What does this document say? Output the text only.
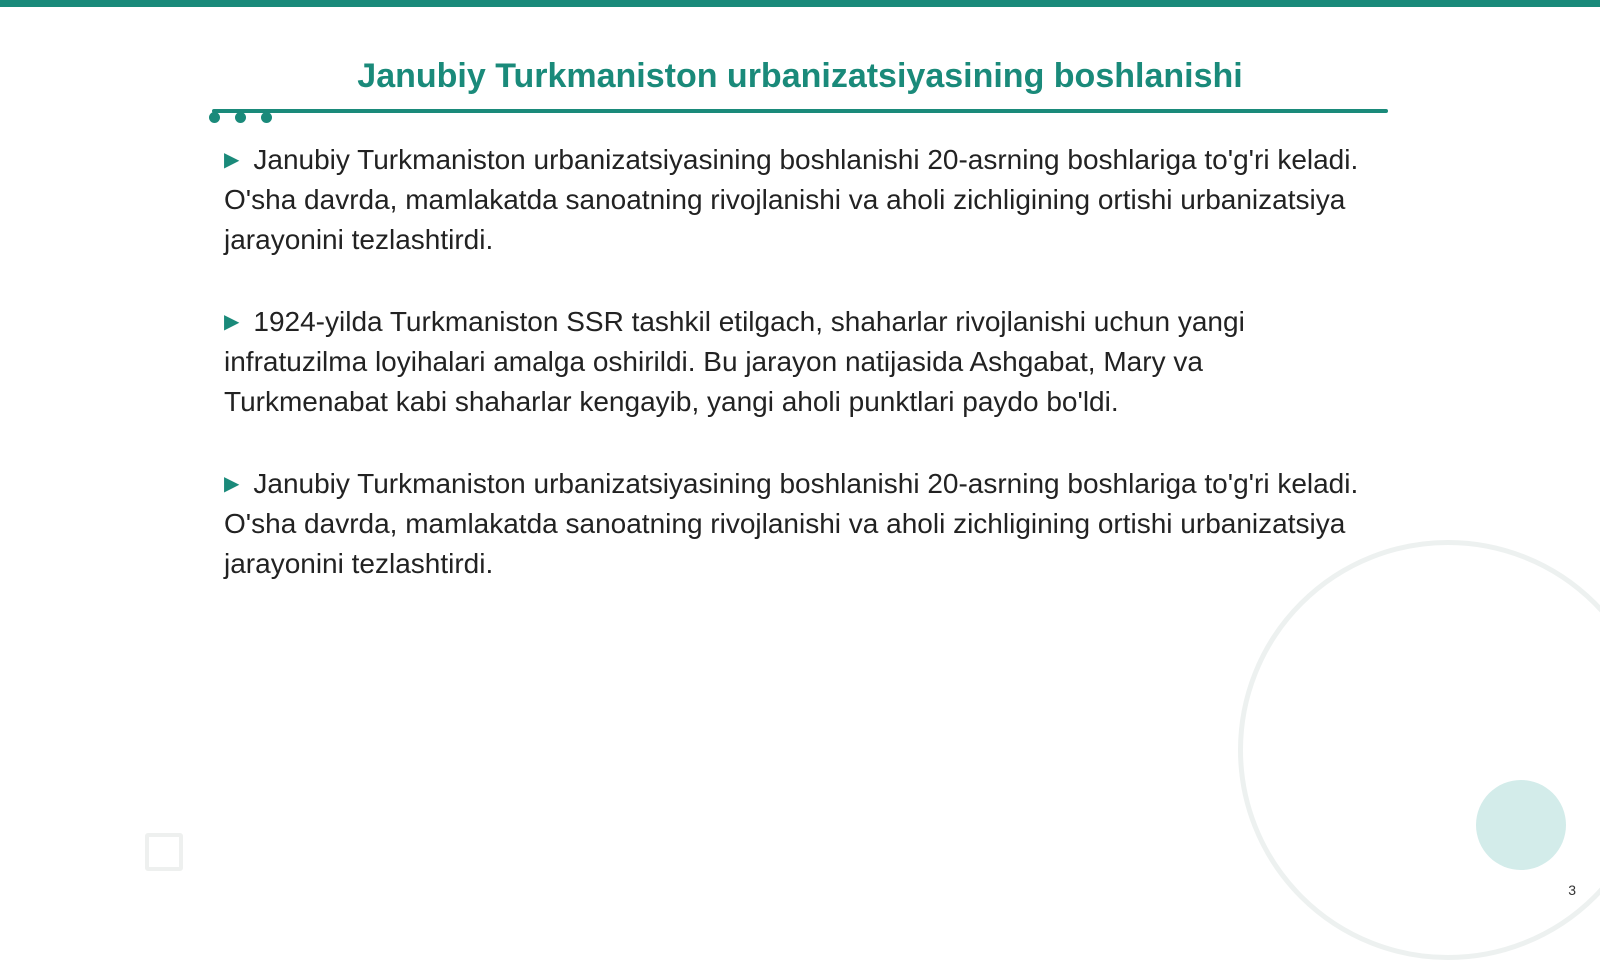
Janubiy Turkmaniston urbanizatsiyasining boshlanishi

▶ Janubiy Turkmaniston urbanizatsiyasining boshlanishi 20-asrning boshlariga to'g'ri keladi. O'sha davrda, mamlakatda sanoatning rivojlanishi va aholi zichligining ortishi urbanizatsiya jarayonini tezlashtirdi.

▶ 1924-yilda Turkmaniston SSR tashkil etilgach, shaharlar rivojlanishi uchun yangi infratuzilma loyihalari amalga oshirildi. Bu jarayon natijasida Ashgabat, Mary va Turkmenabat kabi shaharlar kengayib, yangi aholi punktlari paydo bo'ldi.

▶ Janubiy Turkmaniston urbanizatsiyasining boshlanishi 20-asrning boshlariga to'g'ri keladi. O'sha davrda, mamlakatda sanoatning rivojlanishi va aholi zichligining ortishi urbanizatsiya jarayonini tezlashtirdi.

3
